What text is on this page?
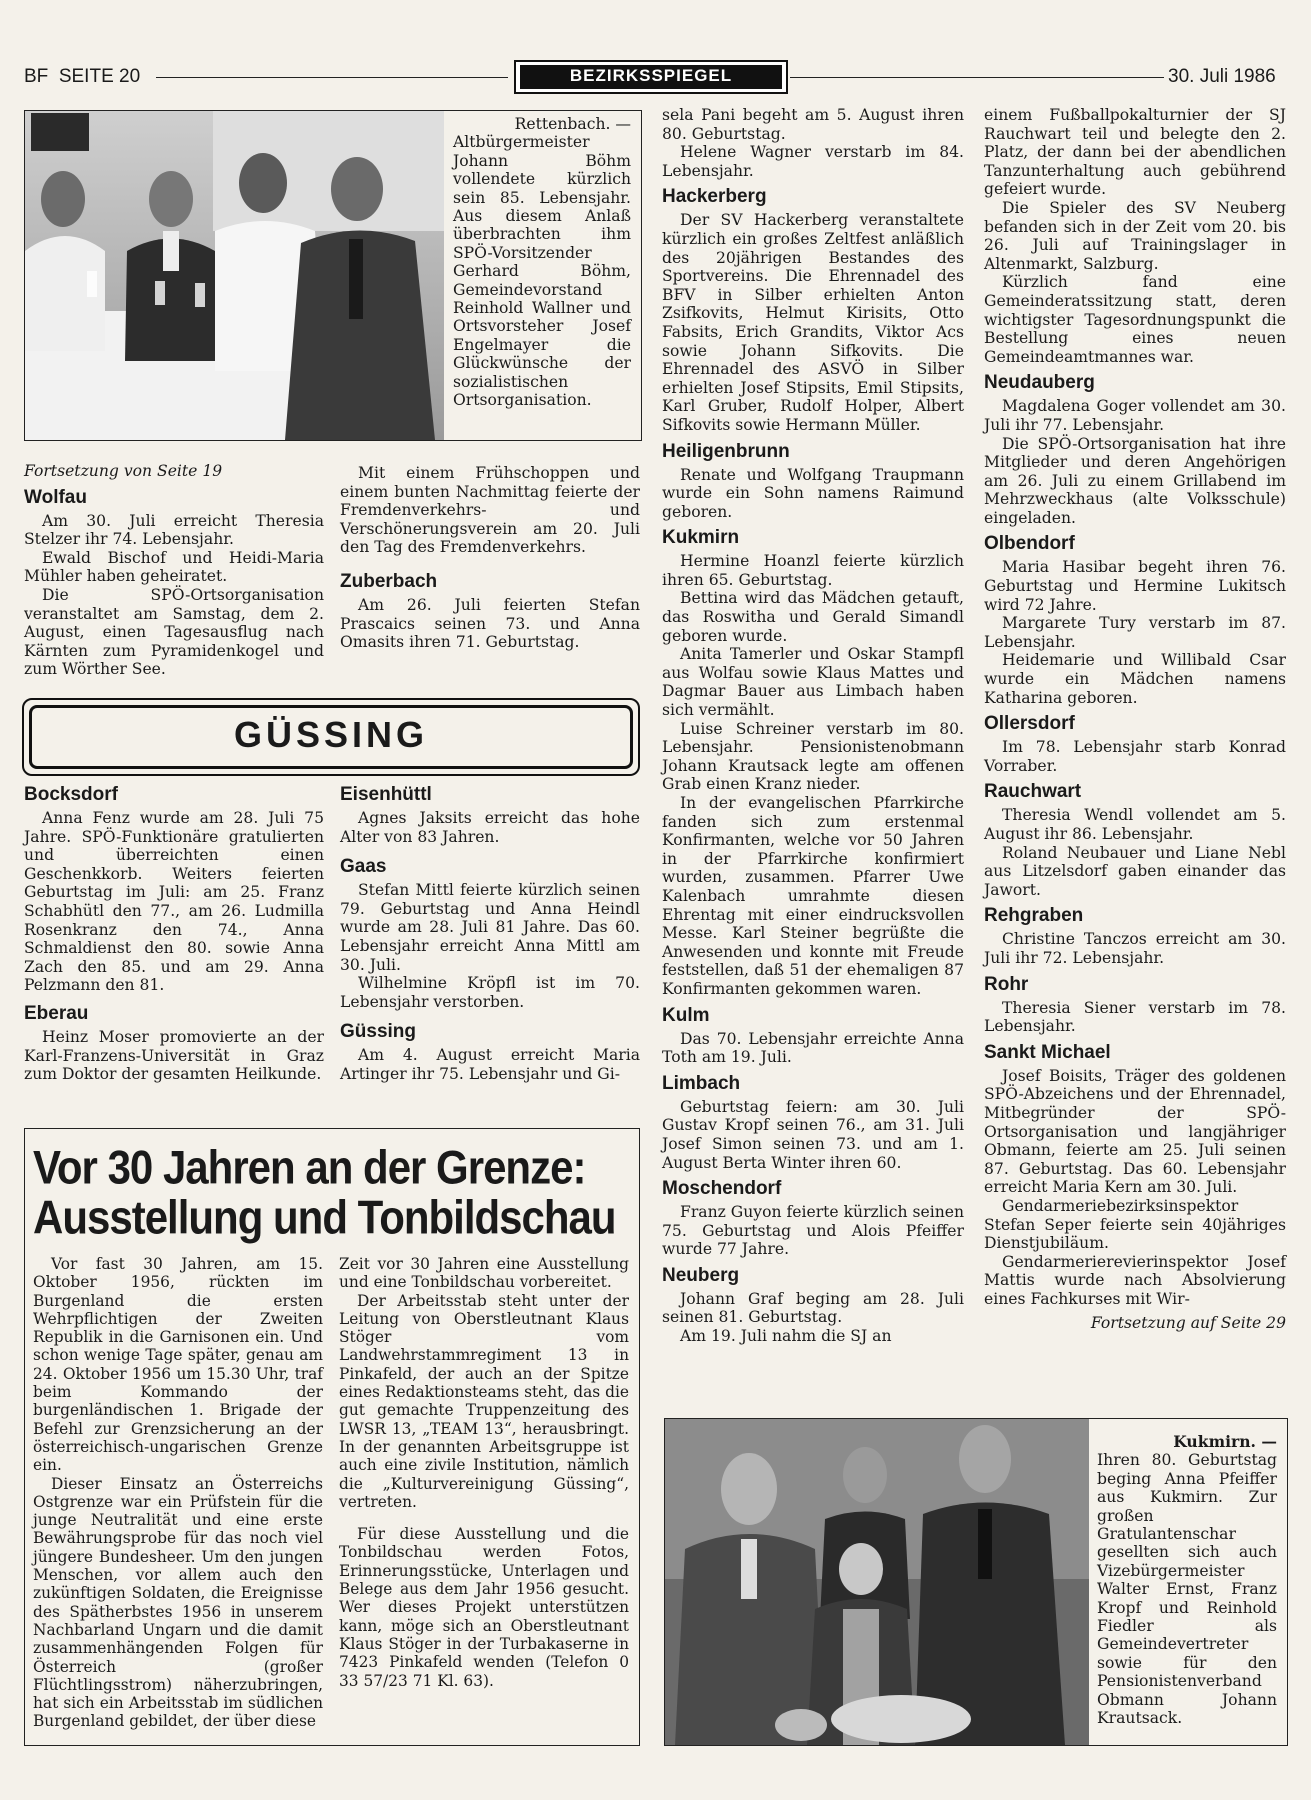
BF  SEITE 20	BEZIRKSSPIEGEL	30. Juli 1986

Rettenbach. —

Altbürgermeister Johann Böhm vollendete kürzlich sein 85. Lebensjahr. Aus diesem Anlaß überbrachten ihm SPÖ-Vorsitzender Gerhard Böhm, Gemeindevorstand Reinhold Wallner und Ortsvorsteher Josef Engelmayer die Glückwünsche der sozialistischen Ortsorganisation.

Fortsetzung von Seite 19

Wolfau

Am 30. Juli erreicht Theresia Stelzer ihr 74. Lebensjahr.

Ewald Bischof und Heidi-Maria Mühler haben geheiratet.

Die SPÖ-Ortsorganisation veranstaltet am Samstag, dem 2. August, einen Tagesausflug nach Kärnten zum Pyramidenkogel und zum Wörther See.

Mit einem Frühschoppen und einem bunten Nachmittag feierte der Fremdenverkehrs- und Verschönerungsverein am 20. Juli den Tag des Fremdenverkehrs.

Zuberbach

Am 26. Juli feierten Stefan Prascaics seinen 73. und Anna Omasits ihren 71. Geburtstag.

GÜSSING
Bocksdorf

Anna Fenz wurde am 28. Juli 75 Jahre. SPÖ-Funktionäre gratulierten und überreichten einen Geschenkkorb. Weiters feierten Geburtstag im Juli: am 25. Franz Schabhütl den 77., am 26. Ludmilla Rosenkranz den 74., Anna Schmaldienst den 80. sowie Anna Zach den 85. und am 29. Anna Pelzmann den 81.

Eberau

Heinz Moser promovierte an der Karl-Franzens-Universität in Graz zum Doktor der gesamten Heilkunde.

Eisenhüttl

Agnes Jaksits erreicht das hohe Alter von 83 Jahren.

Gaas

Stefan Mittl feierte kürzlich seinen 79. Geburtstag und Anna Heindl wurde am 28. Juli 81 Jahre. Das 60. Lebensjahr erreicht Anna Mittl am 30. Juli.

Wilhelmine Kröpfl ist im 70. Lebensjahr verstorben.

Güssing

Am 4. August erreicht Maria Artinger ihr 75. Lebensjahr und Gi-

sela Pani begeht am 5. August ihren 80. Geburtstag.

Helene Wagner verstarb im 84. Lebensjahr.

Hackerberg

Der SV Hackerberg veranstaltete kürzlich ein großes Zeltfest anläßlich des 20jährigen Bestandes des Sportvereins. Die Ehrennadel des BFV in Silber erhielten Anton Zsifkovits, Helmut Kirisits, Otto Fabsits, Erich Grandits, Viktor Acs sowie Johann Sifkovits. Die Ehrennadel des ASVÖ in Silber erhielten Josef Stipsits, Emil Stipsits, Karl Gruber, Rudolf Holper, Albert Sifkovits sowie Hermann Müller.

Heiligenbrunn

Renate und Wolfgang Traupmann wurde ein Sohn namens Raimund geboren.

Kukmirn

Hermine Hoanzl feierte kürzlich ihren 65. Geburtstag.

Bettina wird das Mädchen getauft, das Roswitha und Gerald Simandl geboren wurde.

Anita Tamerler und Oskar Stampfl aus Wolfau sowie Klaus Mattes und Dagmar Bauer aus Limbach haben sich vermählt.

Luise Schreiner verstarb im 80. Lebensjahr. Pensionistenobmann Johann Krautsack legte am offenen Grab einen Kranz nieder.

In der evangelischen Pfarrkirche fanden sich zum erstenmal Konfirmanten, welche vor 50 Jahren in der Pfarrkirche konfirmiert wurden, zusammen. Pfarrer Uwe Kalenbach umrahmte diesen Ehrentag mit einer eindrucksvollen Messe. Karl Steiner begrüßte die Anwesenden und konnte mit Freude feststellen, daß 51 der ehemaligen 87 Konfirmanten gekommen waren.

Kulm

Das 70. Lebensjahr erreichte Anna Toth am 19. Juli.

Limbach

Geburtstag feiern: am 30. Juli Gustav Kropf seinen 76., am 31. Juli Josef Simon seinen 73. und am 1. August Berta Winter ihren 60.

Moschendorf

Franz Guyon feierte kürzlich seinen 75. Geburtstag und Alois Pfeiffer wurde 77 Jahre.

Neuberg

Johann Graf beging am 28. Juli seinen 81. Geburtstag.

Am 19. Juli nahm die SJ an

einem Fußballpokalturnier der SJ Rauchwart teil und belegte den 2. Platz, der dann bei der abendlichen Tanzunterhaltung auch gebührend gefeiert wurde.

Die Spieler des SV Neuberg befanden sich in der Zeit vom 20. bis 26. Juli auf Trainingslager in Altenmarkt, Salzburg.

Kürzlich fand eine Gemeinderatssitzung statt, deren wichtigster Tagesordnungspunkt die Bestellung eines neuen Gemeindeamtmannes war.

Neudauberg

Magdalena Goger vollendet am 30. Juli ihr 77. Lebensjahr.

Die SPÖ-Ortsorganisation hat ihre Mitglieder und deren Angehörigen am 26. Juli zu einem Grillabend im Mehrzweckhaus (alte Volksschule) eingeladen.

Olbendorf

Maria Hasibar begeht ihren 76. Geburtstag und Hermine Lukitsch wird 72 Jahre.

Margarete Tury verstarb im 87. Lebensjahr.

Heidemarie und Willibald Csar wurde ein Mädchen namens Katharina geboren.

Ollersdorf

Im 78. Lebensjahr starb Konrad Vorraber.

Rauchwart

Theresia Wendl vollendet am 5. August ihr 86. Lebensjahr.

Roland Neubauer und Liane Nebl aus Litzelsdorf gaben einander das Jawort.

Rehgraben

Christine Tanczos erreicht am 30. Juli ihr 72. Lebensjahr.

Rohr

Theresia Siener verstarb im 78. Lebensjahr.

Sankt Michael

Josef Boisits, Träger des goldenen SPÖ-Abzeichens und der Ehrennadel, Mitbegründer der SPÖ-Ortsorganisation und langjähriger Obmann, feierte am 25. Juli seinen 87. Geburtstag. Das 60. Lebensjahr erreicht Maria Kern am 30. Juli.

Gendarmeriebezirksinspektor Stefan Seper feierte sein 40jähriges Dienstjubiläum.

Gendarmerierevierinspektor Josef Mattis wurde nach Absolvierung eines Fachkurses mit Wir-

Fortsetzung auf Seite 29

Vor 30 Jahren an der Grenze:
Ausstellung und Tonbildschau

Vor fast 30 Jahren, am 15. Oktober 1956, rückten im Burgenland die ersten Wehrpflichtigen der Zweiten Republik in die Garnisonen ein. Und schon wenige Tage später, genau am 24. Oktober 1956 um 15.30 Uhr, traf beim Kommando der burgenländischen 1. Brigade der Befehl zur Grenzsicherung an der österreichisch-ungarischen Grenze ein.

Dieser Einsatz an Österreichs Ostgrenze war ein Prüfstein für die junge Neutralität und eine erste Bewährungsprobe für das noch viel jüngere Bundesheer. Um den jungen Menschen, vor allem auch den zukünftigen Soldaten, die Ereignisse des Spätherbstes 1956 in unserem Nachbarland Ungarn und die damit zusammenhängenden Folgen für Österreich (großer Flüchtlingsstrom) näherzubringen, hat sich ein Arbeitsstab im südlichen Burgenland gebildet, der über diese

Zeit vor 30 Jahren eine Ausstellung und eine Tonbildschau vorbereitet.

Der Arbeitsstab steht unter der Leitung von Oberstleutnant Klaus Stöger vom Landwehrstammregiment 13 in Pinkafeld, der auch an der Spitze eines Redaktionsteams steht, das die gut gemachte Truppenzeitung des LWSR 13, „TEAM 13“, herausbringt. In der genannten Arbeitsgruppe ist auch eine zivile Institution, nämlich die „Kulturvereinigung Güssing“, vertreten.

Für diese Ausstellung und die Tonbildschau werden Fotos, Erinnerungsstücke, Unterlagen und Belege aus dem Jahr 1956 gesucht. Wer dieses Projekt unterstützen kann, möge sich an Oberstleutnant Klaus Stöger in der Turbakaserne in 7423 Pinkafeld wenden (Telefon 0 33 57/23 71 Kl. 63).

Kukmirn. —

Ihren 80. Geburtstag beging Anna Pfeiffer aus Kukmirn. Zur großen Gratulantenschar gesellten sich auch Vizebürgermeister Walter Ernst, Franz Kropf und Reinhold Fiedler als Gemeindevertreter sowie für den Pensionistenverband Obmann Johann Krautsack.
